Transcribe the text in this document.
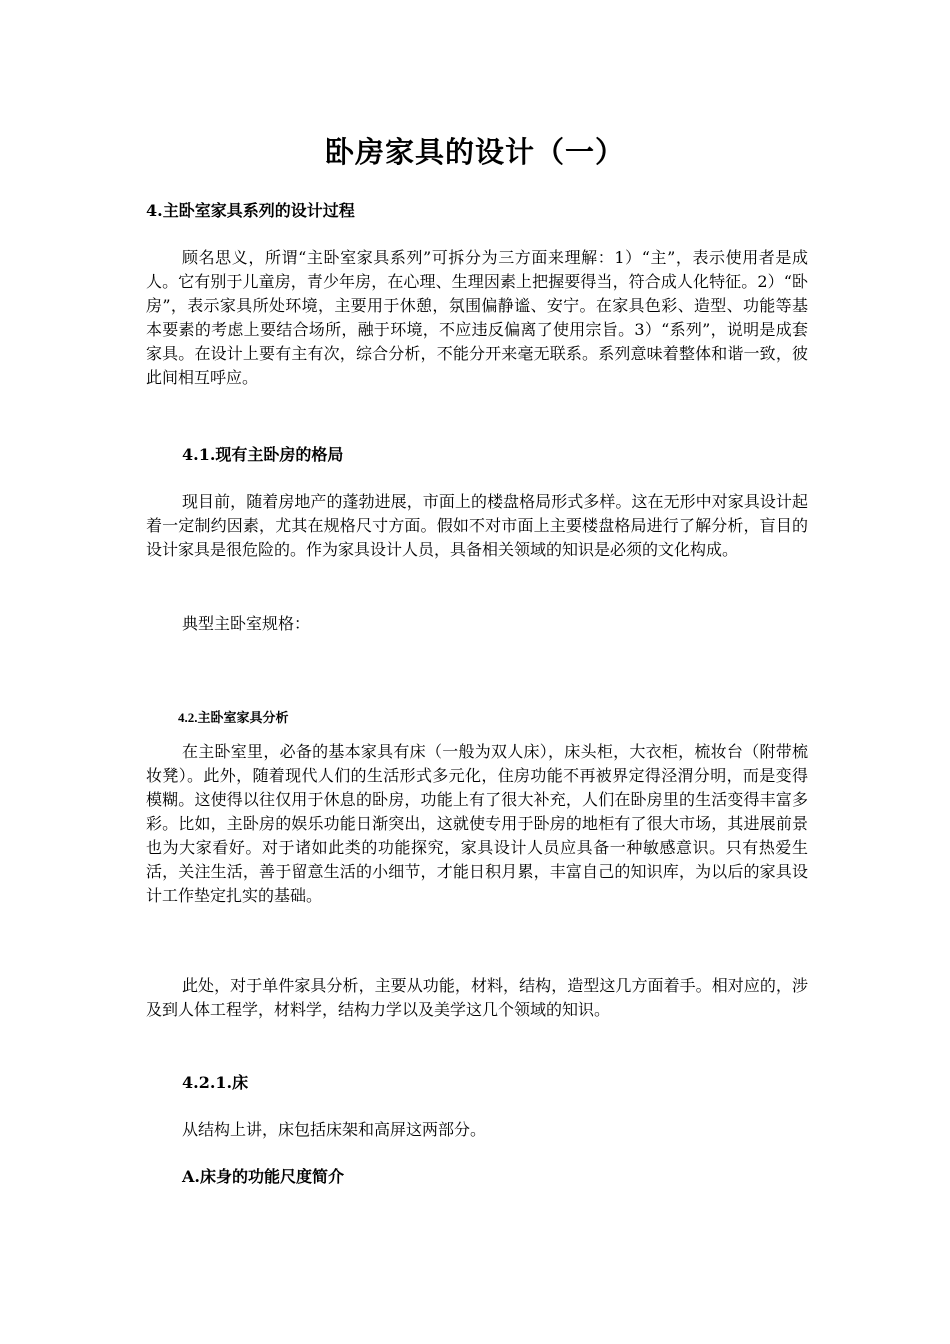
卧房家具的设计（一）
4.主卧室家具系列的设计过程

顾名思义，所谓“主卧室家具系列”可拆分为三方面来理解：1）“主”，表示使用者是成人。它有别于儿童房，青少年房，在心理、生理因素上把握要得当，符合成人化特征。2）“卧房”，表示家具所处环境，主要用于休憩，氛围偏静谧、安宁。在家具色彩、造型、功能等基本要素的考虑上要结合场所，融于环境，不应违反偏离了使用宗旨。3）“系列”，说明是成套家具。在设计上要有主有次，综合分析，不能分开来毫无联系。系列意味着整体和谐一致，彼此间相互呼应。

4.1.现有主卧房的格局

现目前，随着房地产的蓬勃进展，市面上的楼盘格局形式多样。这在无形中对家具设计起着一定制约因素，尤其在规格尺寸方面。假如不对市面上主要楼盘格局进行了解分析，盲目的设计家具是很危险的。作为家具设计人员，具备相关领域的知识是必须的文化构成。

典型主卧室规格：
4.2.主卧室家具分析

在主卧室里，必备的基本家具有床（一般为双人床），床头柜，大衣柜，梳妆台（附带梳妆凳）。此外，随着现代人们的生活形式多元化，住房功能不再被界定得泾渭分明，而是变得模糊。这使得以往仅用于休息的卧房，功能上有了很大补充，人们在卧房里的生活变得丰富多彩。比如，主卧房的娱乐功能日渐突出，这就使专用于卧房的地柜有了很大市场，其进展前景也为大家看好。对于诸如此类的功能探究，家具设计人员应具备一种敏感意识。只有热爱生活，关注生活，善于留意生活的小细节，才能日积月累，丰富自己的知识库，为以后的家具设计工作垫定扎实的基础。

此处，对于单件家具分析，主要从功能，材料，结构，造型这几方面着手。相对应的，涉及到人体工程学，材料学，结构力学以及美学这几个领域的知识。

4.2.1.床
从结构上讲，床包括床架和高屏这两部分。
A.床身的功能尺度简介
